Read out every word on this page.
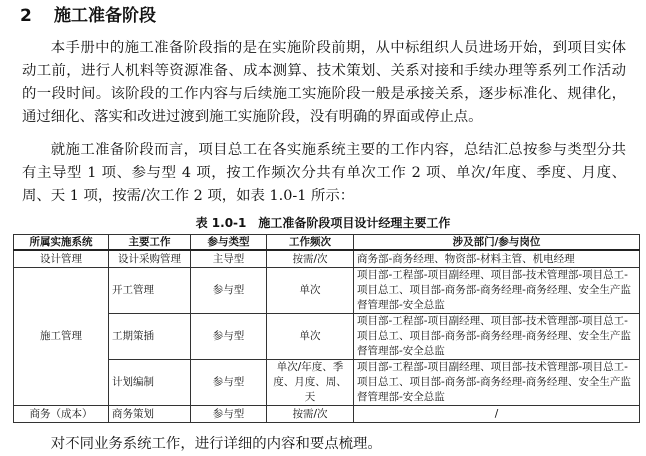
2 施工准备阶段

本手册中的施工准备阶段指的是在实施阶段前期，从中标组织人员进场开始，到项目实体动工前，进行人机料等资源准备、成本测算、技术策划、关系对接和手续办理等系列工作活动的一段时间。该阶段的工作内容与后续施工实施阶段一般是承接关系，逐步标准化、规律化，通过细化、落实和改进过渡到施工实施阶段，没有明确的界面或停止点。

就施工准备阶段而言，项目总工在各实施系统主要的工作内容，总结汇总按参与类型分共有主导型 1 项、参与型 4 项，按工作频次分共有单次工作 2 项、单次/年度、季度、月度、周、天 1 项，按需/次工作 2 项，如表 1.0-1 所示：

表 1.0-1　施工准备阶段项目设计经理主要工作
所属实施系统	主要工作	参与类型	工作频次	涉及部门/参与岗位
设计管理	设计采购管理	主导型	按需/次	商务部-商务经理、物资部-材料主管、机电经理
施工管理	开工管理	参与型	单次	项目部-工程部-项目副经理、项目部-技术管理部-项目总工-项目总工、项目部-商务部-商务经理-商务经理、安全生产监督管理部-安全总监
	工期策插	参与型	单次	项目部-工程部-项目副经理、项目部-技术管理部-项目总工-项目总工、项目部-商务部-商务经理-商务经理、安全生产监督管理部-安全总监
	计划编制	参与型	单次/年度、季度、月度、周、天	项目部-工程部-项目副经理、项目部-技术管理部-项目总工-项目总工、项目部-商务部-商务经理-商务经理、安全生产监督管理部-安全总监
商务（成本）	商务策划	参与型	按需/次	/

对不同业务系统工作，进行详细的内容和要点梳理。
